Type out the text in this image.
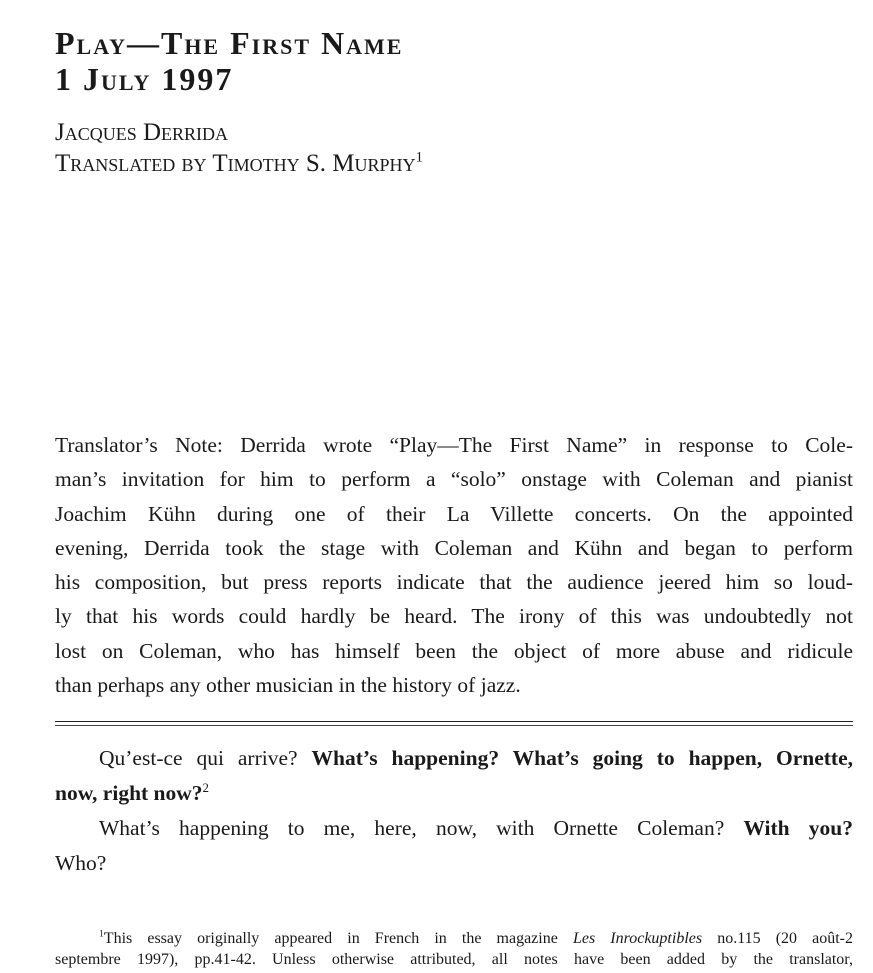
Play—The First Name
1 July 1997
Jacques Derrida
Translated by Timothy S. Murphy$^1$
Translator’s Note: Derrida wrote “Play—The First Name” in response to Cole-
man’s invitation for him to perform a “solo” onstage with Coleman and pianist
Joachim Kühn during one of their La Villette concerts. On the appointed
evening, Derrida took the stage with Coleman and Kühn and began to perform
his composition, but press reports indicate that the audience jeered him so loud-
ly that his words could hardly be heard. The irony of this was undoubtedly not
lost on Coleman, who has himself been the object of more abuse and ridicule
than perhaps any other musician in the history of jazz.
Qu’est-ce qui arrive? What’s happening? What’s going to happen, Ornette,
now, right now?$^2$
What’s happening to me, here, now, with Ornette Coleman? With you?
Who?
$^1$This essay originally appeared in French in the magazine Les Inrockuptibles no.115 (20 août-2
septembre 1997), pp.41-42. Unless otherwise attributed, all notes have been added by the translator,
